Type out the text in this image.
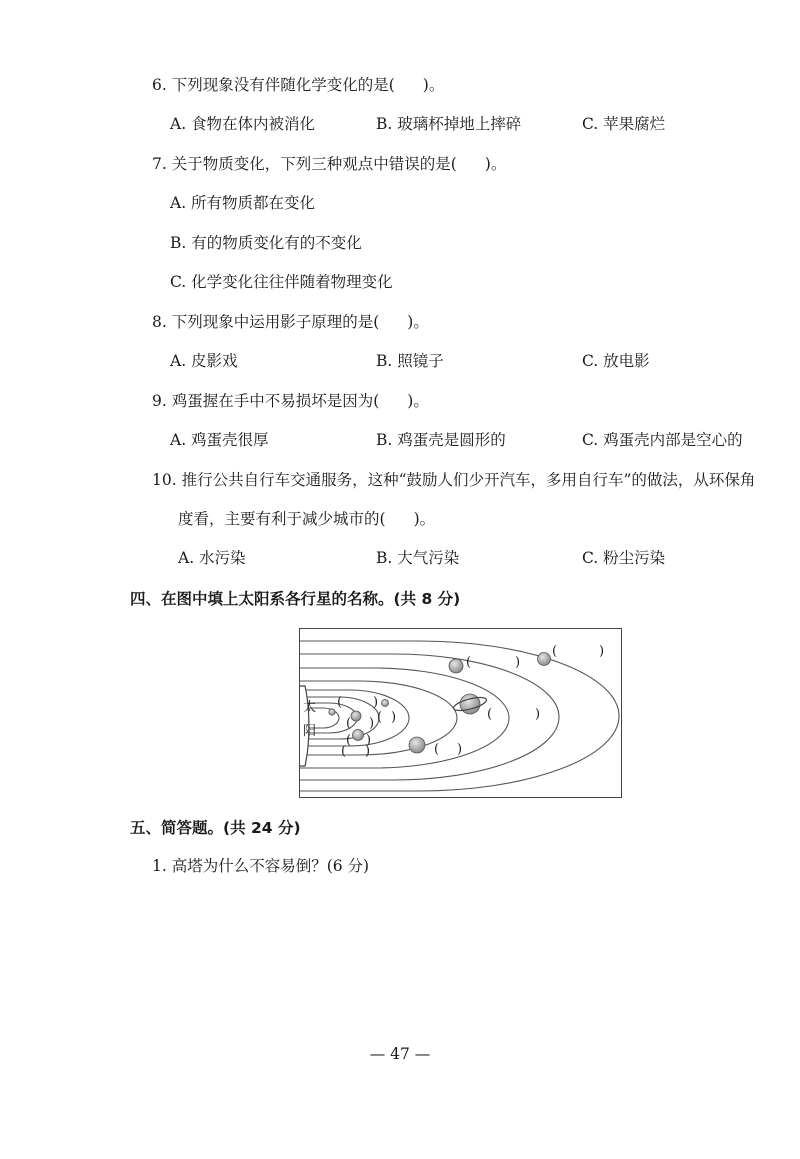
6. 下列现象没有伴随化学变化的是( )。
A. 食物在体内被消化	B. 玻璃杯掉地上摔碎	C. 苹果腐烂
7. 关于物质变化，下列三种观点中错误的是( )。
A. 所有物质都在变化
B. 有的物质变化有的不变化
C. 化学变化往往伴随着物理变化
8. 下列现象中运用影子原理的是( )。
A. 皮影戏	B. 照镜子	C. 放电影
9. 鸡蛋握在手中不易损坏是因为( )。
A. 鸡蛋壳很厚	B. 鸡蛋壳是圆形的	C. 鸡蛋壳内部是空心的
10. 推行公共自行车交通服务，这种“鼓励人们少开汽车，多用自行车”的做法，从环保角
度看，主要有利于减少城市的( )。
A. 水污染	B. 大气污染	C. 粉尘污染
四、在图中填上太阳系各行星的名称。(共 8 分)
太
阳
( )
( )
( )
( )
( )	( )
(	)
(	)
(	)
五、简答题。(共 24 分)
1. 高塔为什么不容易倒？(6 分)
— 47 —
